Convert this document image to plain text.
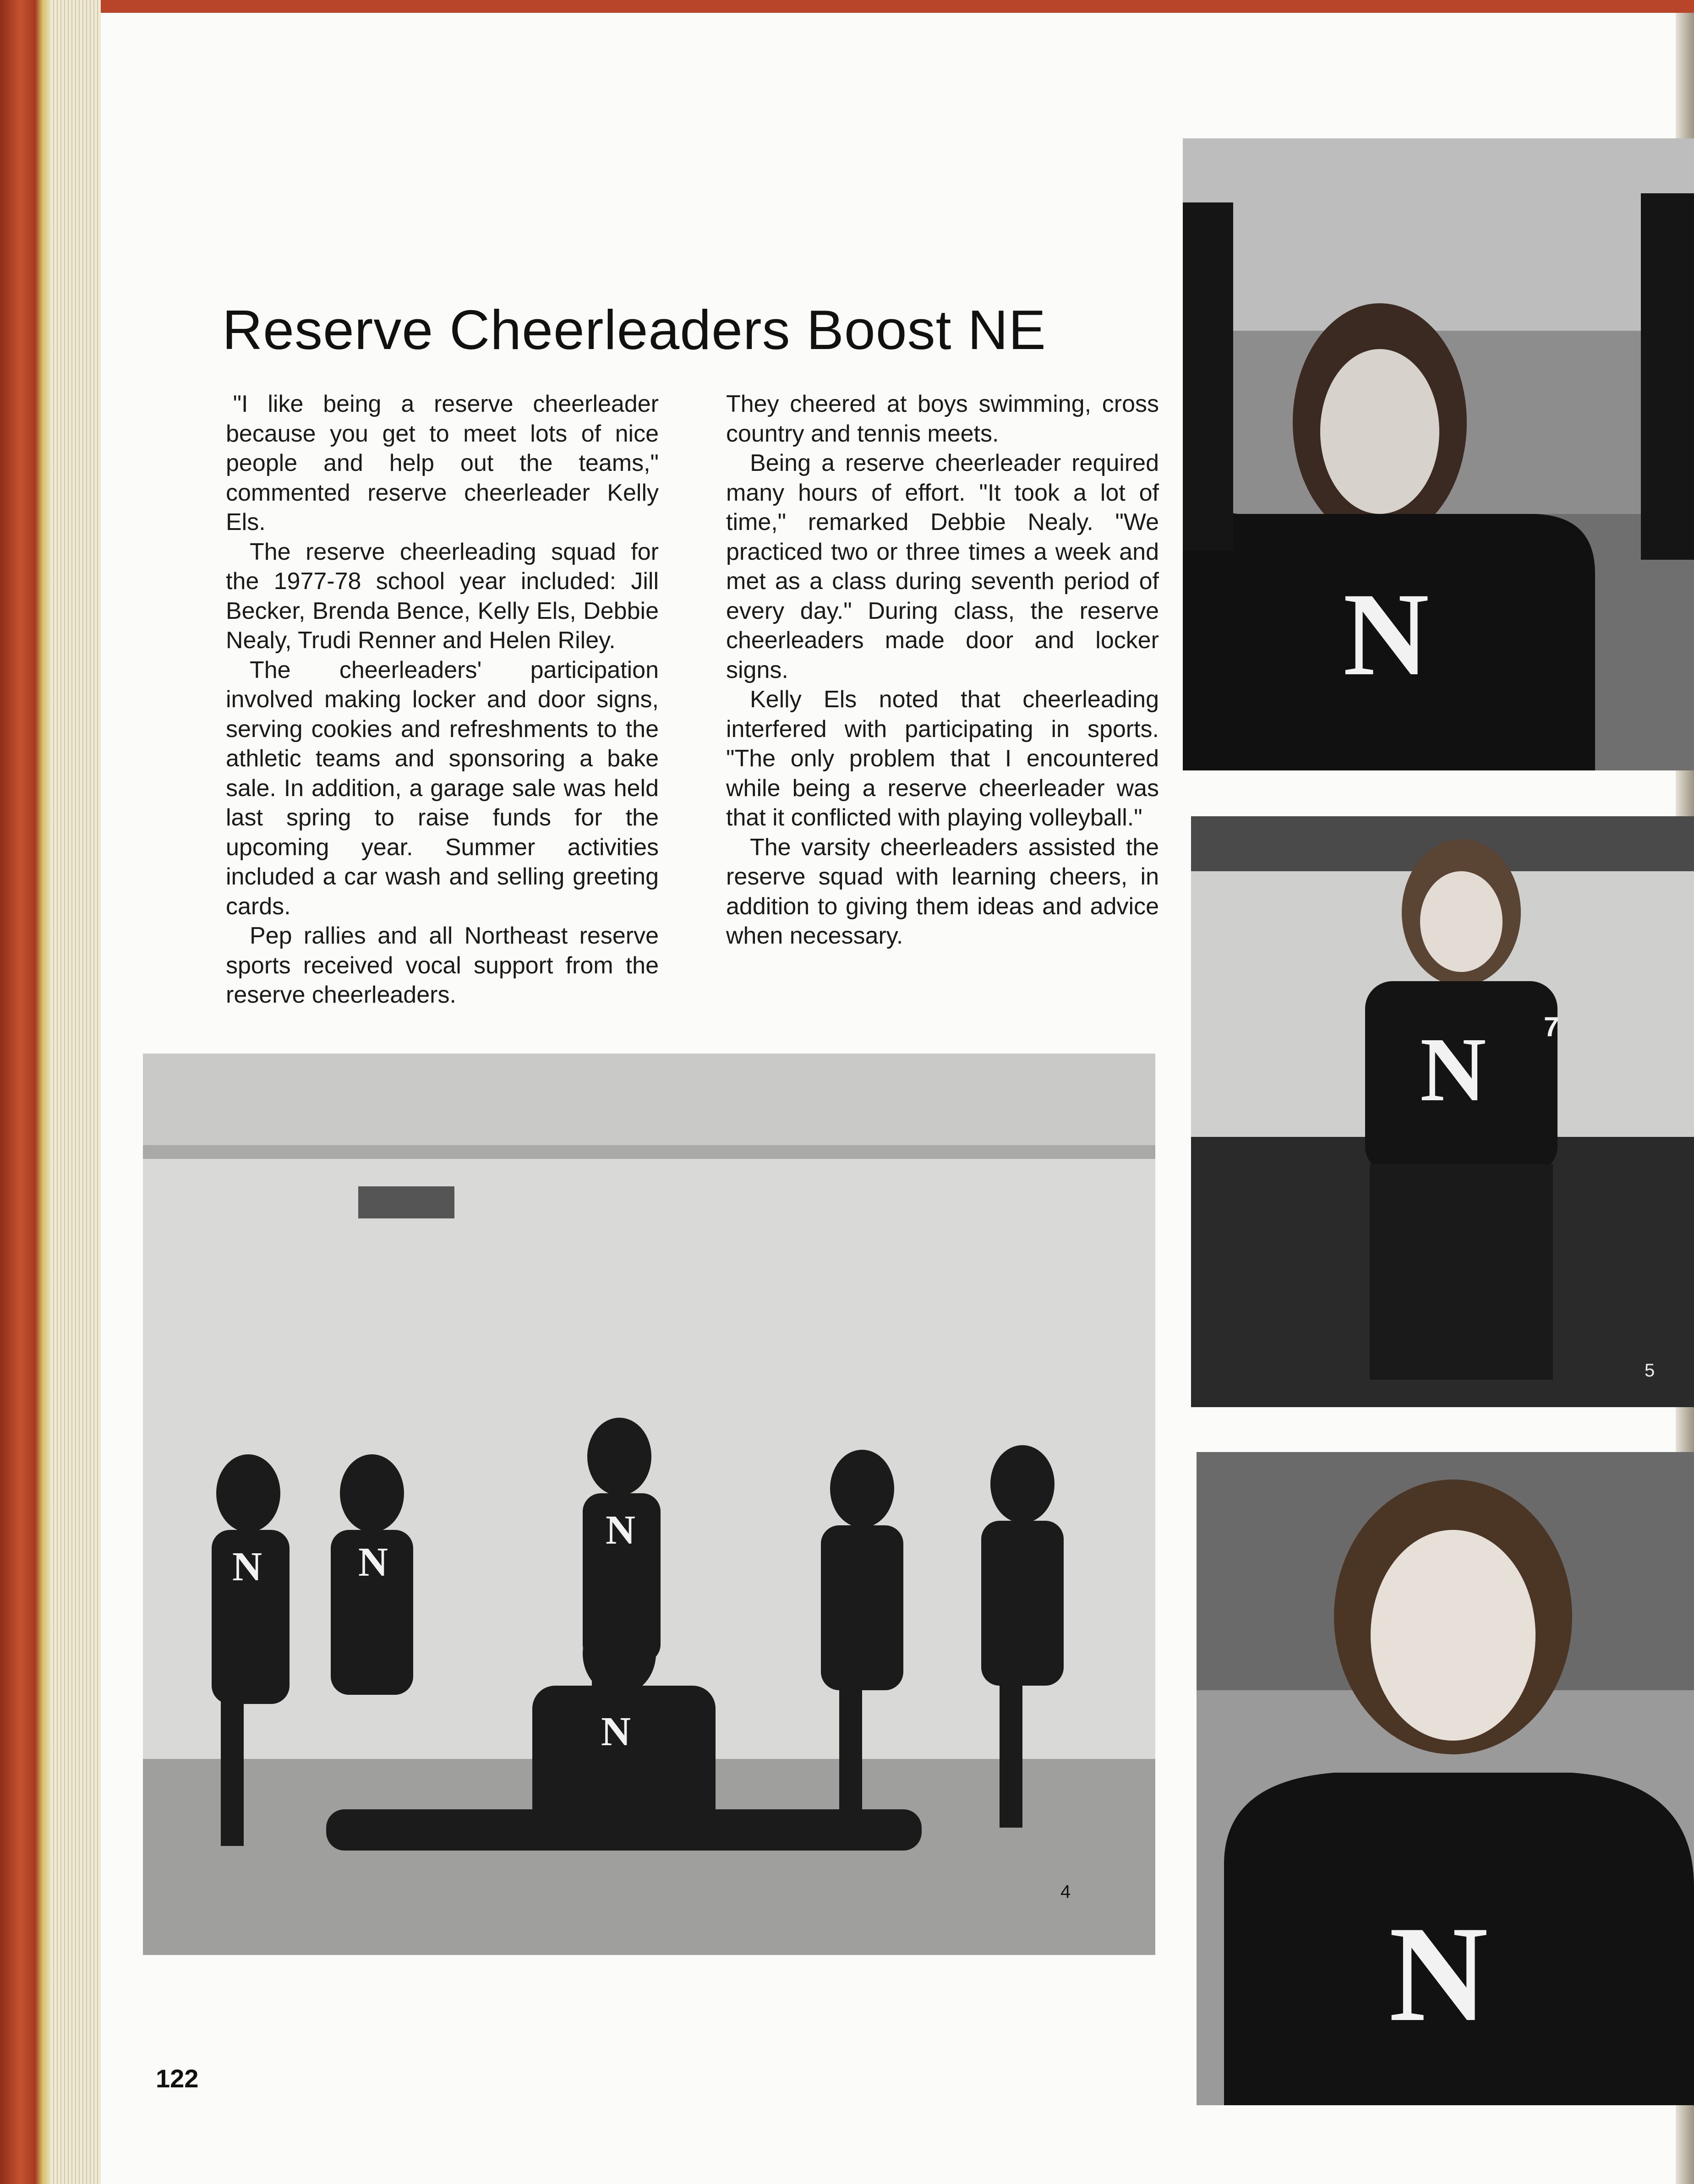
Reserve Cheerleaders Boost NE

"I like being a reserve cheerleader because you get to meet lots of nice people and help out the teams," commented reserve cheerleader Kelly Els.

The reserve cheerleading squad for the 1977-78 school year included: Jill Becker, Brenda Bence, Kelly Els, Debbie Nealy, Trudi Renner and Helen Riley.

The cheerleaders' participation involved making locker and door signs, serving cookies and refreshments to the athletic teams and sponsoring a bake sale. In addition, a garage sale was held last spring to raise funds for the upcoming year. Summer activities included a car wash and selling greeting cards.

Pep rallies and all Northeast reserve sports received vocal support from the reserve cheerleaders.

They cheered at boys swimming, cross country and tennis meets.

Being a reserve cheerleader required many hours of effort. "It took a lot of time," remarked Debbie Nealy. "We practiced two or three times a week and met as a class during seventh period of every day." During class, the reserve cheerleaders made door and locker signs.

Kelly Els noted that cheerleading interfered with participating in sports. "The only problem that I encountered while being a reserve cheerleader was that it conflicted with playing volleyball."

The varsity cheerleaders assisted the reserve squad with learning cheers, in addition to giving them ideas and advice when necessary.

N N
N
N
N
N 7
N
4
5
122
